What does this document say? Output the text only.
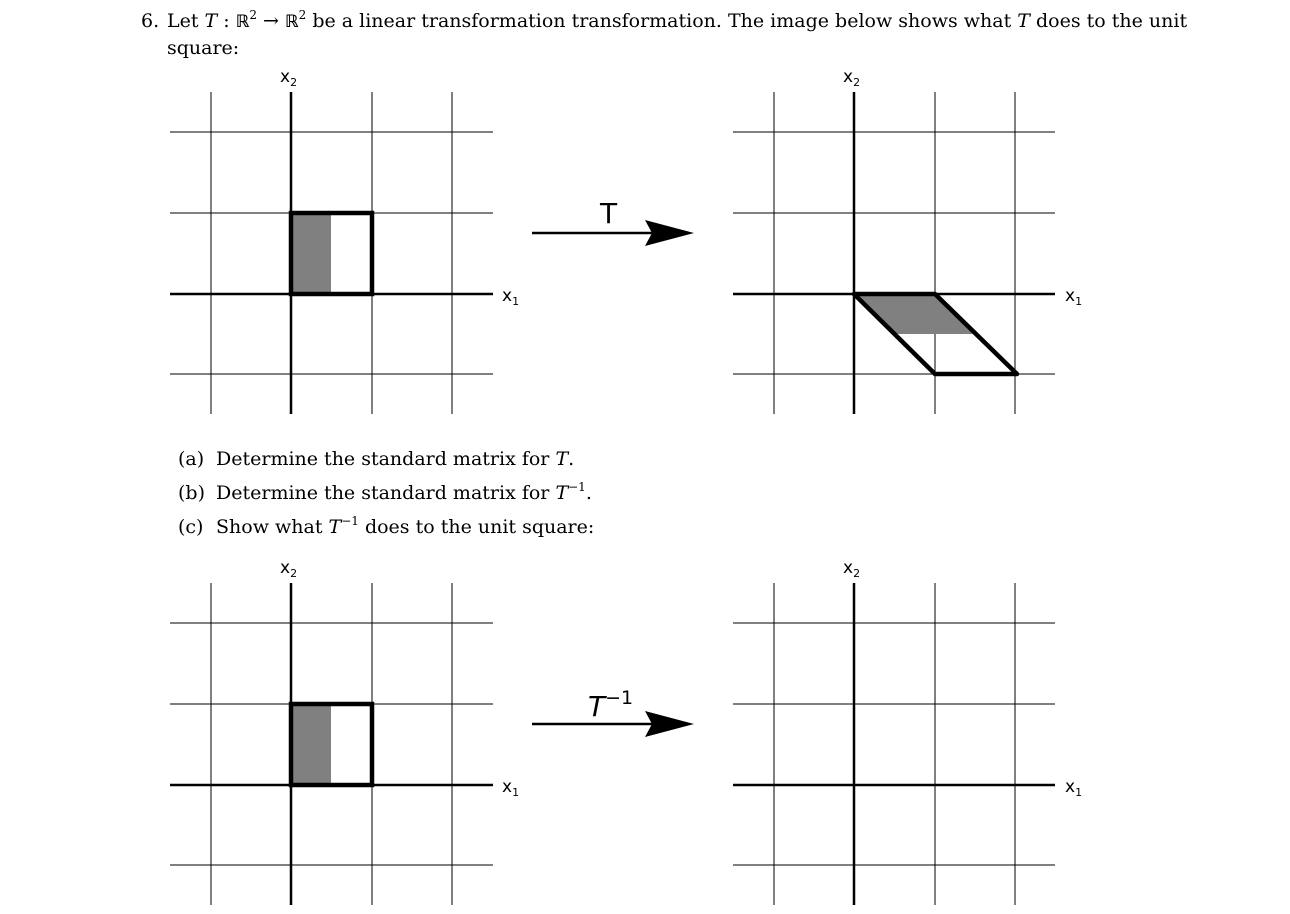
6. Let T : ℝ$^2$ → ℝ$^2$ be a linear transformation transformation. The image below shows what T does to the unit
square:
$x_2$
$x_1$
T
$x_2$
$x_1$
$x_2$
$x_1$
$T^{-1}$
$x_2$
$x_1$
(a) Determine the standard matrix for T.
(b) Determine the standard matrix for $T^{-1}$.
(c) Show what $T^{-1}$ does to the unit square:
